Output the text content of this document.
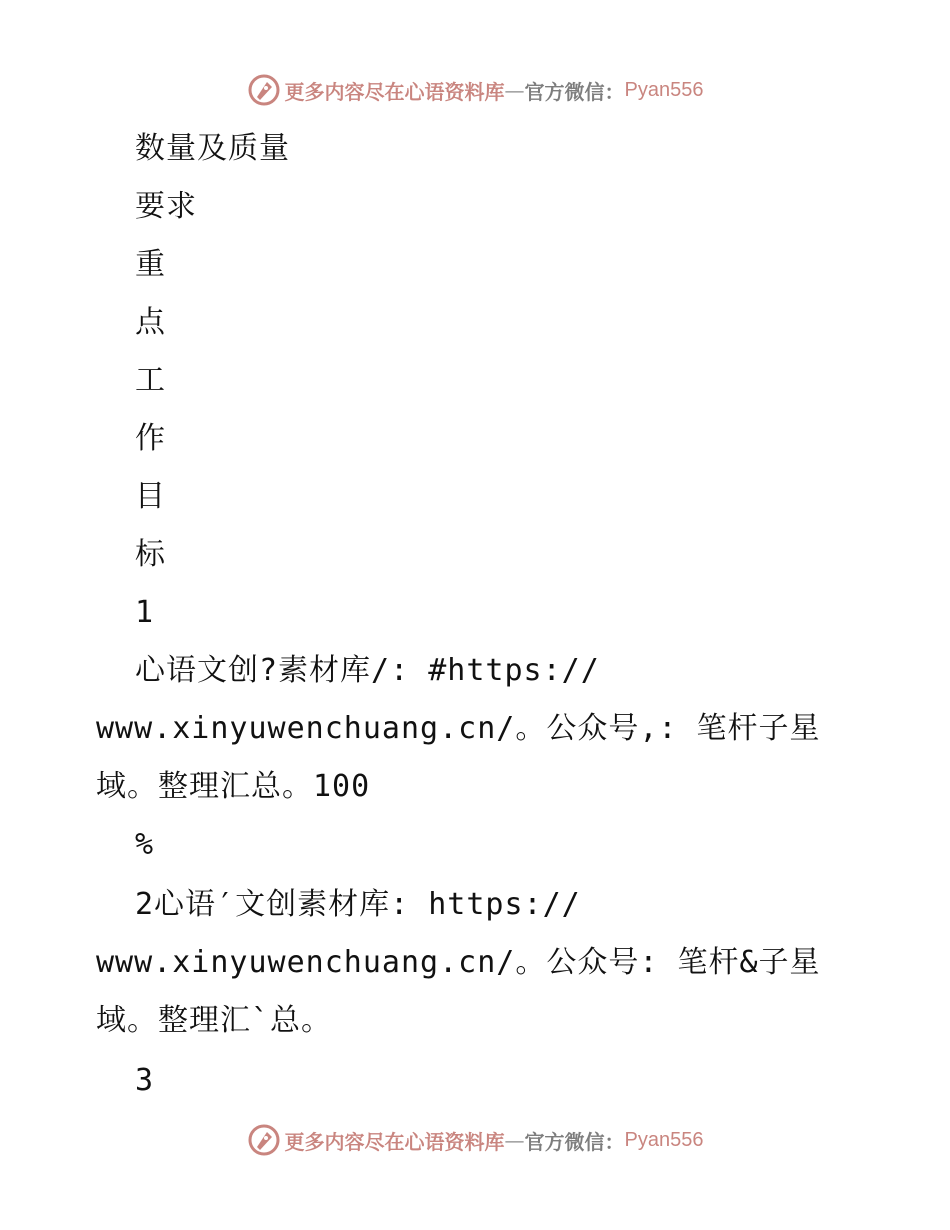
更多内容尽在心语资料库 — 官方微信： Pyan556
数量及质量
要求
重
点
工
作
目
标
1
心语文创?素材库/: #https://
www.xinyuwenchuang.cn/。公众号,: 笔杆子星
域。整理汇总。100
%
2心语′文创素材库: https://
www.xinyuwenchuang.cn/。公众号: 笔杆&子星
域。整理汇`总。
3
更多内容尽在心语资料库 — 官方微信： Pyan556
